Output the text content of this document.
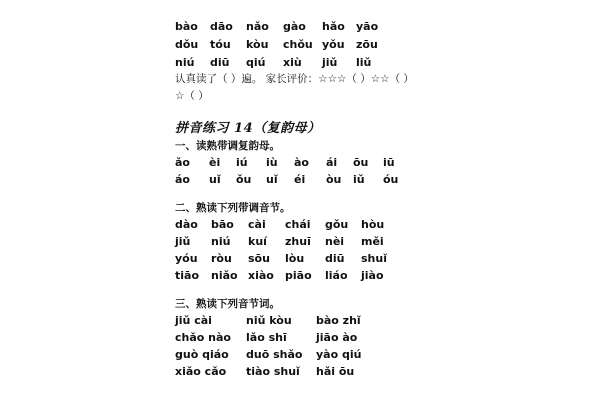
bào dāo nǎo gào hǎo yāo
dǒu tóu kòu chǒu yǒu zōu
niú diū qiú xiù jiǔ liǔ
认真读了（ ）遍。 家长评价：☆☆☆（ ）☆☆（ ）
☆（ ）
拼音练习 14（复韵母）
一、读熟带调复韵母。
ǎo èi iú iù ào ái ōu iū
áo uǐ ǒu uǐ éi òu iǔ óu
二、熟读下列带调音节。
dào bāo cài chái gǒu hòu
jiǔ niú kuí zhuī nèi měi
yóu ròu sōu lòu diū shuǐ
tiāo niǎo xiào piāo liáo jiào
三、熟读下列音节词。
jiǔ cài	niǔ kòu bào zhǐ
chǎo nào lǎo shī	jiāo ào
guò qiáo duō shǎo yào qiú
xiǎo cǎo tiào shuǐ hǎi ōu
